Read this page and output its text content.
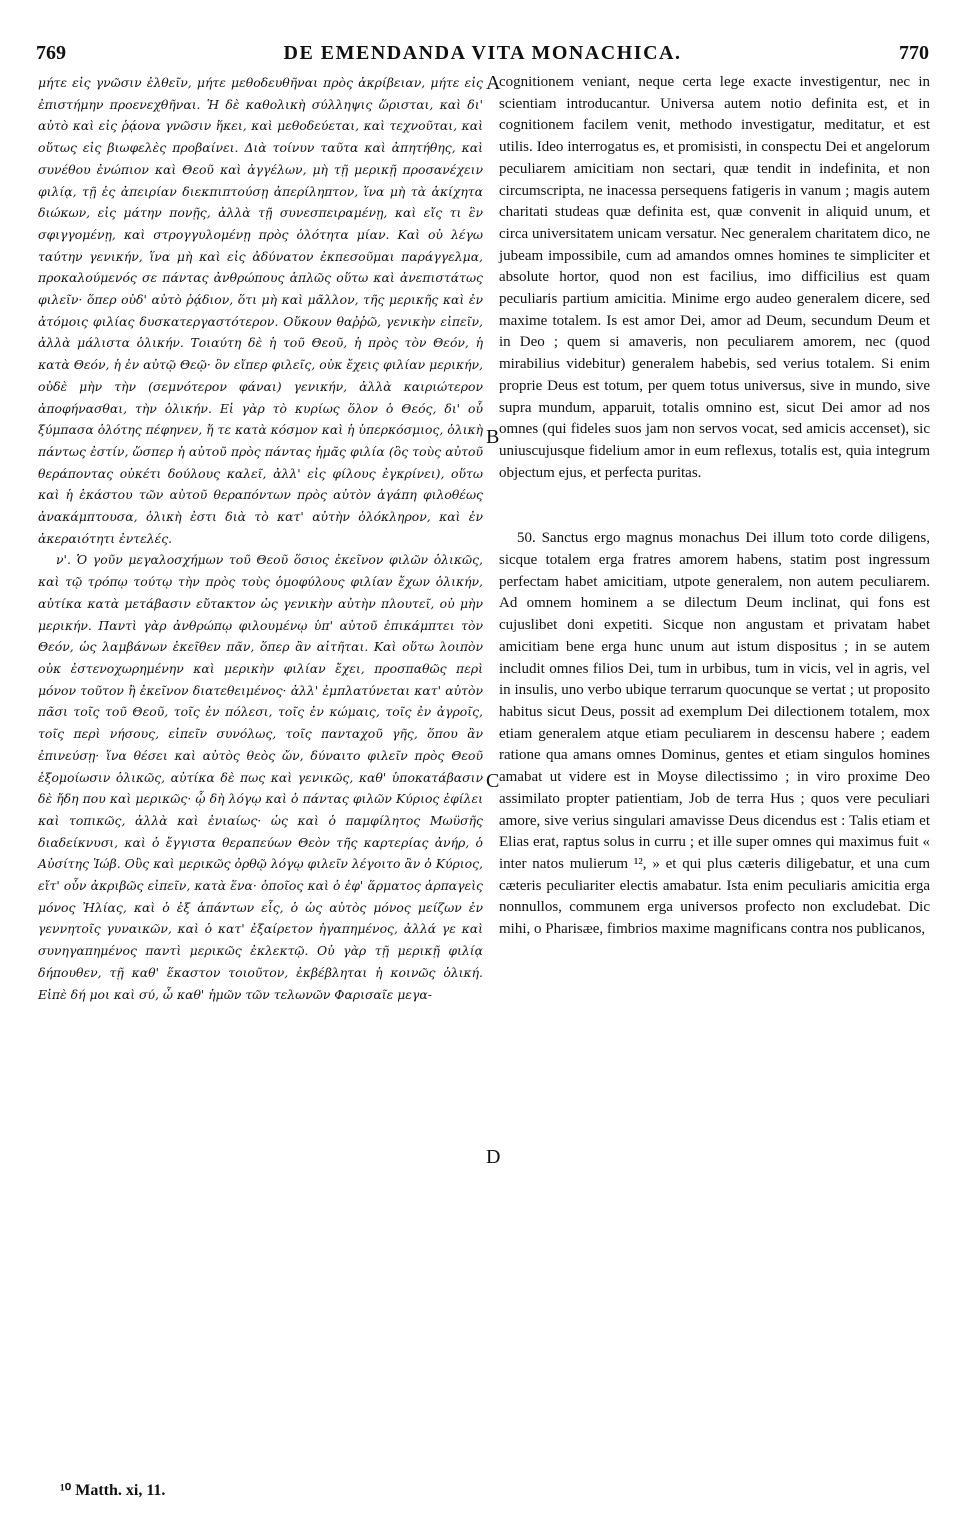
769	DE EMENDANDA VITA MONACHICA.	770

μήτε εἰς γνῶσιν ἐλθεῖν, μήτε μεθοδευθῆναι πρὸς ἀκρίβειαν, μήτε εἰς ἐπιστήμην προενεχθῆναι. Ἡ δὲ καθολικὴ σύλληψις ὥρισται, καὶ δι' αὐτὸ καὶ εἰς ῥᾴονα γνῶσιν ἥκει, καὶ μεθοδεύεται, καὶ τεχνοῦται, καὶ οὕτως εἰς βιωφελὲς προβαίνει. Διὰ τοίνυν ταῦτα καὶ ἀπητήθης, καὶ συνέθου ἐνώπιον καὶ Θεοῦ καὶ ἀγγέλων, μὴ τῇ μερικῇ προσανέχειν φιλίᾳ, τῇ ἐς ἀπειρίαν διεκπιπτούσῃ ἀπερίληπτον, ἵνα μὴ τὰ ἀκίχητα διώκων, εἰς μάτην πονῇς, ἀλλὰ τῇ συνεσπειραμένῃ, καὶ εἴς τι ἓν σφιγγομένῃ, καὶ στρογγυλομένῃ πρὸς ὁλότητα μίαν. Καὶ οὐ λέγω ταύτην γενικήν, ἵνα μὴ καὶ εἰς ἀδύνατον ἐκπεσοῦμαι παράγγελμα, προκαλούμενός σε πάντας ἀνθρώπους ἁπλῶς οὕτω καὶ ἀνεπιστάτως φιλεῖν· ὅπερ οὐδ' αὐτὸ ῥᾴδιον, ὅτι μὴ καὶ μᾶλλον, τῆς μερικῆς καὶ ἐν ἀτόμοις φιλίας δυσκατεργαστότερον. Οὔκουν θαῤῥῶ, γενικὴν εἰπεῖν, ἀλλὰ μάλιστα ὁλικήν. Τοιαύτη δὲ ἡ τοῦ Θεοῦ, ἡ πρὸς τὸν Θεόν, ἡ κατὰ Θεόν, ἡ ἐν αὐτῷ Θεῷ· ὃν εἴπερ φιλεῖς, οὐκ ἔχεις φιλίαν μερικήν, οὐδὲ μὴν τὴν (σεμνότερον φάναι) γενικήν, ἀλλὰ καιριώτερον ἀποφήνασθαι, τὴν ὁλικήν. Εἰ γὰρ τὸ κυρίως ὅλον ὁ Θεός, δι' οὗ ξύμπασα ὁλότης πέφηνεν, ἥ τε κατὰ κόσμον καὶ ἡ ὑπερκόσμιος, ὁλικὴ πάντως ἐστίν, ὥσπερ ἡ αὐτοῦ πρὸς πάντας ἡμᾶς φιλία (ὃς τοὺς αὐτοῦ θεράποντας οὐκέτι δούλους καλεῖ, ἀλλ' εἰς φίλους ἐγκρίνει), οὕτω καὶ ἡ ἑκάστου τῶν αὐτοῦ θεραπόντων πρὸς αὐτὸν ἀγάπη φιλοθέως ἀνακάμπτουσα, ὁλικὴ ἐστι διὰ τὸ κατ' αὐτὴν ὁλόκληρον, καὶ ἐν ἀκεραιότητι ἐντελές.

ν'. Ὁ γοῦν μεγαλοσχήμων τοῦ Θεοῦ ὅσιος ἐκεῖνον φιλῶν ὁλικῶς, καὶ τῷ τρόπῳ τούτῳ τὴν πρὸς τοὺς ὁμοφύλους φιλίαν ἔχων ὁλικήν, αὐτίκα κατὰ μετάβασιν εὔτακτον ὡς γενικὴν αὐτὴν πλουτεῖ, οὐ μὴν μερικήν. Παντὶ γὰρ ἀνθρώπῳ φιλουμένῳ ὑπ' αὐτοῦ ἐπικάμπτει τὸν Θεόν, ὡς λαμβάνων ἐκεῖθεν πᾶν, ὅπερ ἂν αἰτῆται. Καὶ οὕτω λοιπὸν οὐκ ἐστενοχωρημένην καὶ μερικὴν φιλίαν ἔχει, προσπαθῶς περὶ μόνον τοῦτον ἢ ἐκεῖνον διατεθειμένος· ἀλλ' ἐμπλατύνεται κατ' αὐτὸν πᾶσι τοῖς τοῦ Θεοῦ, τοῖς ἐν πόλεσι, τοῖς ἐν κώμαις, τοῖς ἐν ἀγροῖς, τοῖς περὶ νήσους, εἰπεῖν συνόλως, τοῖς πανταχοῦ γῆς, ὅπου ἂν ἐπινεύσῃ· ἵνα θέσει καὶ αὐτὸς θεὸς ὤν, δύναιτο φιλεῖν πρὸς Θεοῦ ἐξομοίωσιν ὁλικῶς, αὐτίκα δὲ πως καὶ γενικῶς, καθ' ὑποκατάβασιν δὲ ἤδη που καὶ μερικῶς· ᾧ δὴ λόγῳ καὶ ὁ πάντας φιλῶν Κύριος ἐφίλει καὶ τοπικῶς, ἀλλὰ καὶ ἐνιαίως· ὡς καὶ ὁ παμφίλητος Μωϋσῆς διαδείκνυσι, καὶ ὁ ἔγγιστα θεραπεύων Θεὸν τῆς καρτερίας ἀνήρ, ὁ Αὐσίτης Ἰώβ. Οὓς καὶ μερικῶς ὀρθῷ λόγῳ φιλεῖν λέγοιτο ἂν ὁ Κύριος, εἴτ' οὖν ἀκριβῶς εἰπεῖν, κατὰ ἕνα· ὁποῖος καὶ ὁ ἐφ' ἅρματος ἁρπαγεὶς μόνος Ἠλίας, καὶ ὁ ἐξ ἁπάντων εἷς, ὁ ὡς αὐτὸς μόνος μείζων ἐν γεννητοῖς γυναικῶν, καὶ ὁ κατ' ἐξαίρετον ἠγαπημένος, ἀλλά γε καὶ συνηγαπημένος παντὶ μερικῶς ἐκλεκτῷ. Οὐ γὰρ τῇ μερικῇ φιλίᾳ δήπουθεν, τῇ καθ' ἕκαστον τοιοῦτον, ἐκβέβληται ἡ κοινῶς ὁλική. Εἰπὲ δή μοι καὶ σύ, ὦ καθ' ἡμῶν τῶν τελωνῶν Φαρισαῖε μεγα-

A
B
C
D

cognitionem veniant, neque certa lege exacte investigentur, nec in scientiam introducantur. Universa autem notio definita est, et in cognitionem facilem venit, methodo investigatur, meditatur, et est utilis. Ideo interrogatus es, et promisisti, in conspectu Dei et angelorum peculiarem amicitiam non sectari, quæ tendit in indefinita, et non circumscripta, ne inacessa persequens fatigeris in vanum ; magis autem charitati studeas quæ definita est, quæ convenit in aliquid unum, et circa universitatem unicam versatur. Nec generalem charitatem dico, ne jubeam impossibile, cum ad amandos omnes homines te simpliciter et absolute hortor, quod non est facilius, imo difficilius est quam peculiaris partium amicitia. Minime ergo audeo generalem dicere, sed maxime totalem. Is est amor Dei, amor ad Deum, secundum Deum et in Deo ; quem si amaveris, non peculiarem amorem, nec (quod mirabilius videbitur) generalem habebis, sed verius totalem. Si enim proprie Deus est totum, per quem totus universus, sive in mundo, sive supra mundum, apparuit, totalis omnino est, sicut Dei amor ad nos omnes (qui fideles suos jam non servos vocat, sed amicis accenset), sic uniuscujusque fidelium amor in eum reflexus, totalis est, quia integrum objectum ejus, et perfecta puritas.

50. Sanctus ergo magnus monachus Dei illum toto corde diligens, sicque totalem erga fratres amorem habens, statim post ingressum perfectam habet amicitiam, utpote generalem, non autem peculiarem. Ad omnem hominem a se dilectum Deum inclinat, qui fons est cujuslibet doni expetiti. Sicque non angustam et privatam habet amicitiam bene erga hunc unum aut istum dispositus ; in se autem includit omnes filios Dei, tum in urbibus, tum in vicis, vel in agris, vel in insulis, uno verbo ubique terrarum quocunque se vertat ; ut proposito habitus sicut Deus, possit ad exemplum Dei dilectionem totalem, mox etiam generalem atque etiam peculiarem in descensu habere ; eadem ratione qua amans omnes Dominus, gentes et etiam singulos homines amabat ut videre est in Moyse dilectissimo ; in viro proxime Deo assimilato propter patientiam, Job de terra Hus ; quos vere peculiari amore, sive verius singulari amavisse Deus dicendus est : Talis etiam et Elias erat, raptus solus in curru ; et ille super omnes qui maximus fuit « inter natos mulierum ¹², » et qui plus cæteris diligebatur, et una cum cæteris peculiariter electis amabatur. Ista enim peculiaris amicitia erga nonnullos, communem erga universos profecto non excludebat. Dic mihi, o Pharisæe, fimbrios maxime magnificans contra nos publicanos,

¹⁰ Matth. xi, 11.
